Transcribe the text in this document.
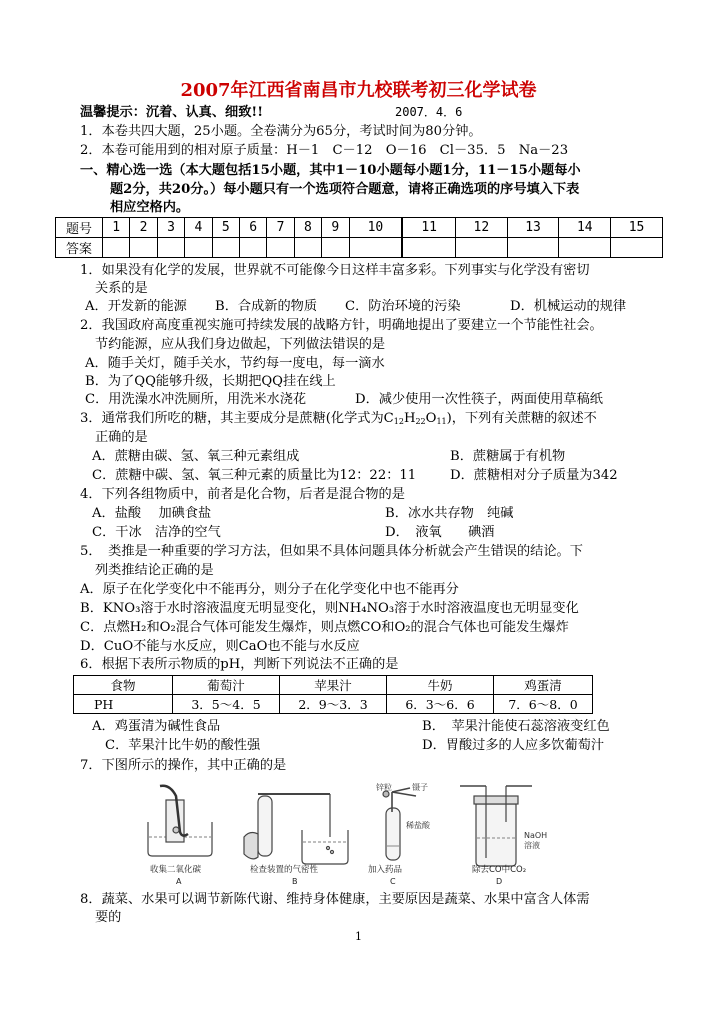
2007年江西省南昌市九校联考初三化学试卷
温馨提示：沉着、认真、细致!!	2007．4．6
1．本卷共四大题，25小题。全卷满分为65分，考试时间为80分钟。
2．本卷可能用到的相对原子质量：H－1　C－12　O－16　Cl－35．5　Na－23
一、精心选一选（本大题包括15小题，其中1－10小题每小题1分，11－15小题每小
题2分，共20分。）每小题只有一个选项符合题意，请将正确选项的序号填入下表
相应空格内。
题号	1	2	3	4	5	6	7	8	9	10	11	12	13	14	15
答案															
1．如果没有化学的发展，世界就不可能像今日这样丰富多彩。下列事实与化学没有密切
关系的是
A．开发新的能源 B．合成新的物质 C．防治环境的污染	D．机械运动的规律
2．我国政府高度重视实施可持续发展的战略方针，明确地提出了要建立一个节能性社会。
节约能源，应从我们身边做起，下列做法错误的是
A．随手关灯，随手关水，节约每一度电，每一滴水
B．为了QQ能够升级，长期把QQ挂在线上
C．用洗澡水冲洗厕所，用洗米水浇花	D．减少使用一次性筷子，两面使用草稿纸
3．通常我们所吃的糖，其主要成分是蔗糖(化学式为$C_{12}H_{22}O_{11}$)，下列有关蔗糖的叙述不
正确的是
A．蔗糖由碳、氢、氧三种元素组成	B．蔗糖属于有机物
C．蔗糖中碳、氢、氧三种元素的质量比为12：22：11	D．蔗糖相对分子质量为342
4．下列各组物质中，前者是化合物，后者是混合物的是
A．盐酸　 加碘食盐	B．冰水共存物　纯碱
C．干冰　洁净的空气	D．　液氧　　碘酒
5．　类推是一种重要的学习方法，但如果不具体问题具体分析就会产生错误的结论。下
列类推结论正确的是
A．原子在化学变化中不能再分，则分子在化学变化中也不能再分
B．KNO₃溶于水时溶液温度无明显变化，则NH₄NO₃溶于水时溶液温度也无明显变化
C．点燃H₂和O₂混合气体可能发生爆炸，则点燃CO和O₂的混合气体也可能发生爆炸
D．CuO不能与水反应，则CaO也不能与水反应
6．根据下表所示物质的pH，判断下列说法不正确的是
食物	葡萄汁	苹果汁	牛奶	鸡蛋清
PH	3．5～4．5	2．9～3．3	6．3～6．6	7．6～8．0
A．鸡蛋清为碱性食品	B．　苹果汁能使石蕊溶液变红色
C．苹果汁比牛奶的酸性强	D．胃酸过多的人应多饮葡萄汁
7．下图所示的操作，其中正确的是
锌粒	镊子
稀盐酸
NaOH
溶液
收集二氧化碳	检查装置的气密性	加入药品	除去CO中CO₂
A	B	C	D
8．蔬菜、水果可以调节新陈代谢、维持身体健康，主要原因是蔬菜、水果中富含人体需
要的
1
